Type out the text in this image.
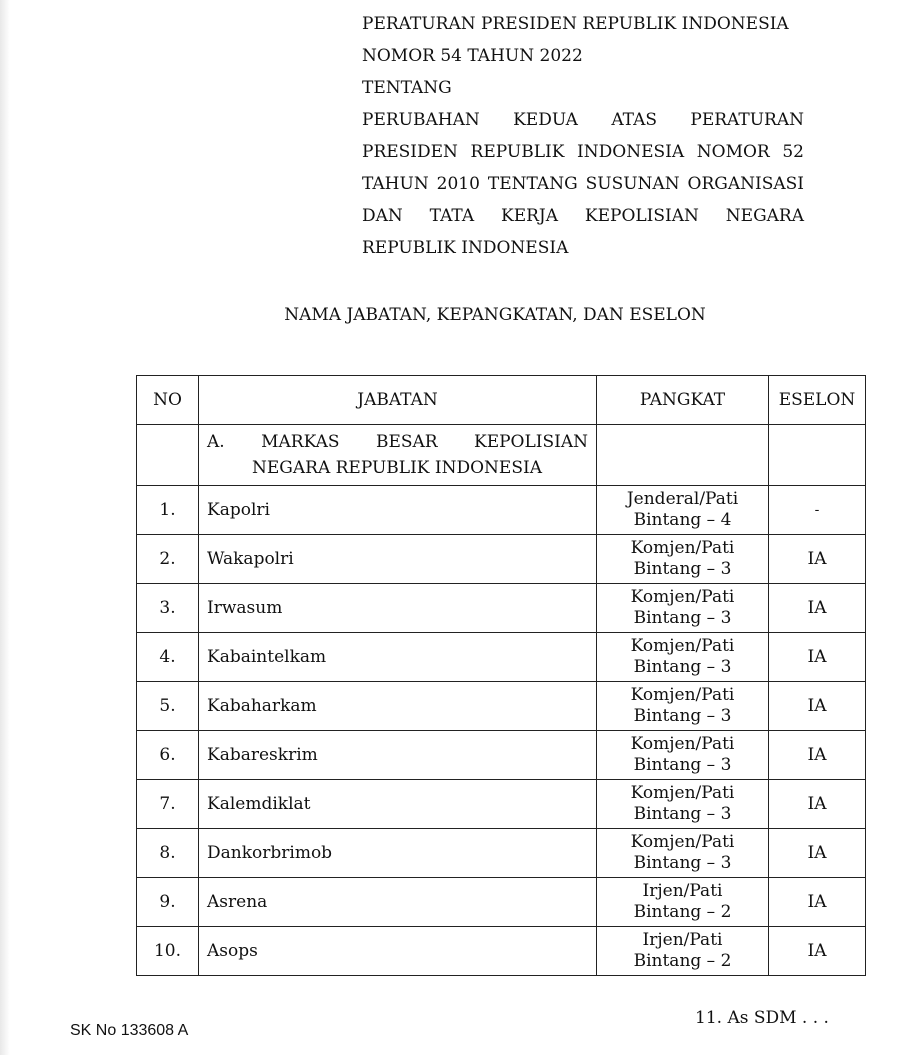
PERATURAN PRESIDEN REPUBLIK INDONESIA
NOMOR 54 TAHUN 2022
TENTANG
PERUBAHAN KEDUA ATAS PERATURAN
PRESIDEN REPUBLIK INDONESIA NOMOR 52
TAHUN 2010 TENTANG SUSUNAN ORGANISASI
DAN TATA KERJA KEPOLISIAN NEGARA
REPUBLIK INDONESIA
NAMA JABATAN, KEPANGKATAN, DAN ESELON
NO	JABATAN	PANGKAT	ESELON

	A. MARKAS BESAR KEPOLISIAN
NEGARA REPUBLIK INDONESIA		

1.	Kapolri	Jenderal/Pati
Bintang – 4	-
2.	Wakapolri	Komjen/Pati
Bintang – 3	IA
3.	Irwasum	Komjen/Pati
Bintang – 3	IA
4.	Kabaintelkam	Komjen/Pati
Bintang – 3	IA
5.	Kabaharkam	Komjen/Pati
Bintang – 3	IA
6.	Kabareskrim	Komjen/Pati
Bintang – 3	IA
7.	Kalemdiklat	Komjen/Pati
Bintang – 3	IA
8.	Dankorbrimob	Komjen/Pati
Bintang – 3	IA
9.	Asrena	Irjen/Pati
Bintang – 2	IA
10.	Asops	Irjen/Pati
Bintang – 2	IA
11. As SDM . . .
SK No 133608 A
